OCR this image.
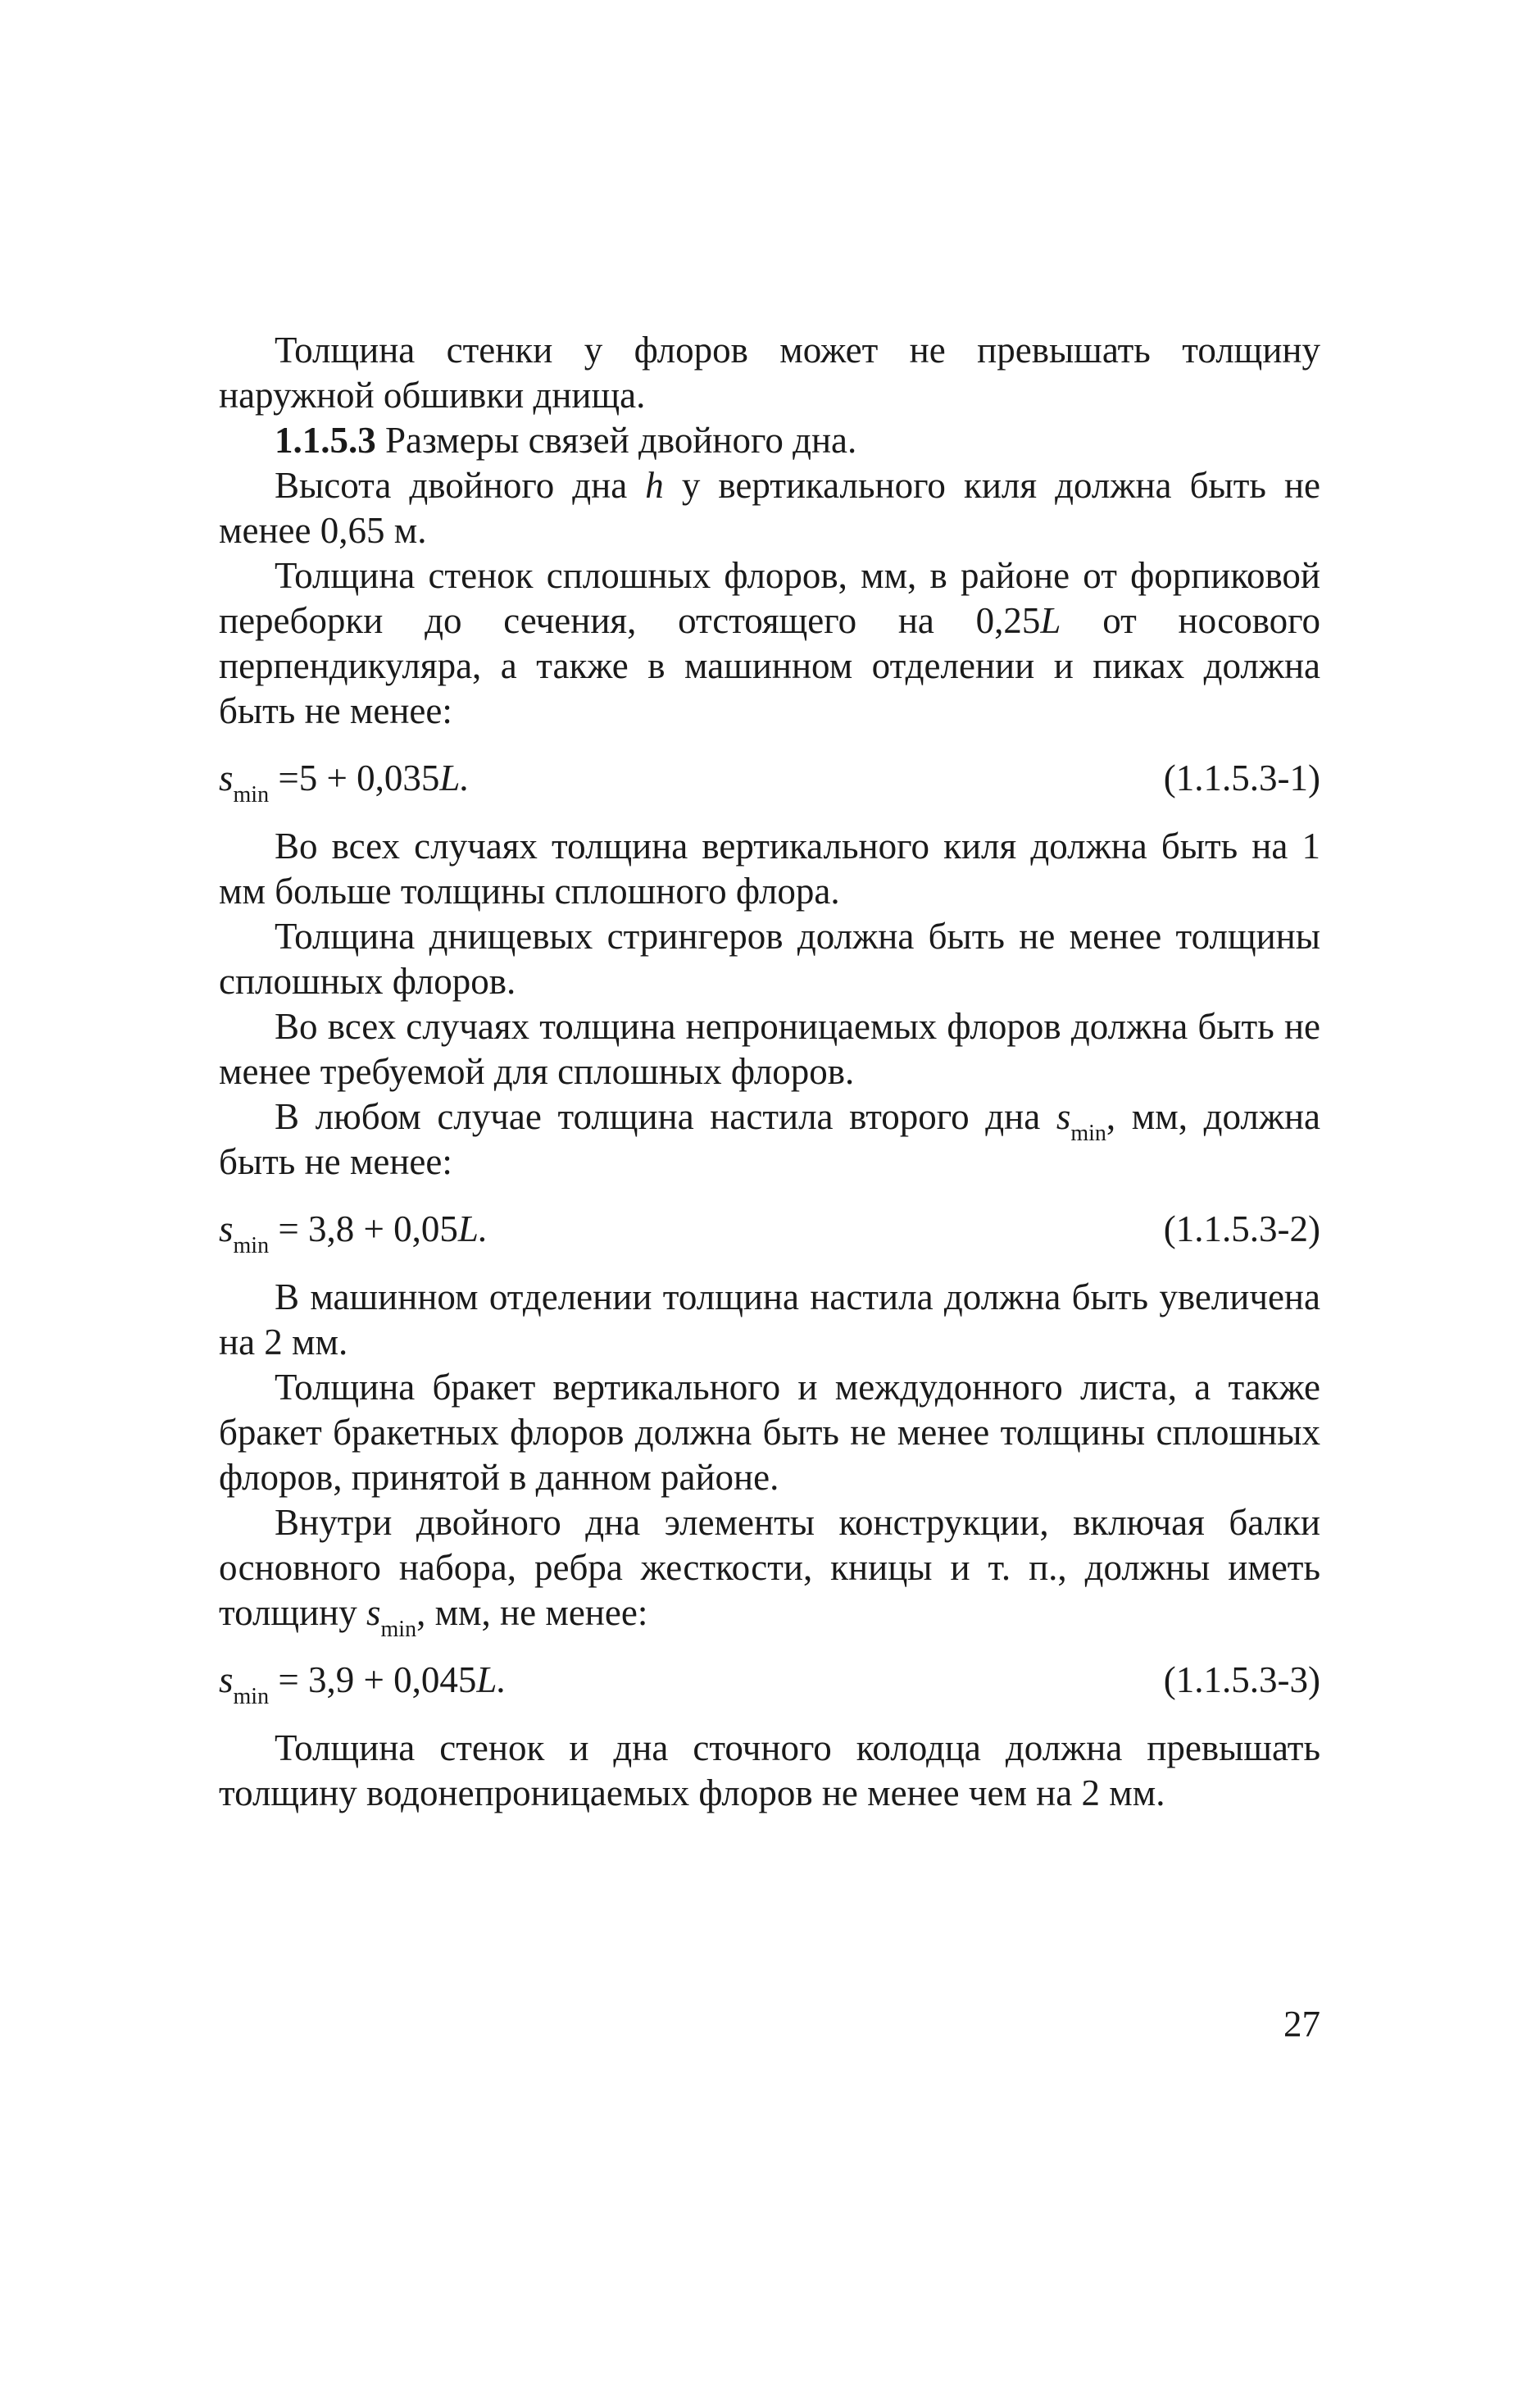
Толщина стенки у флоров может не превышать толщину наружной обшивки днища.

1.1.5.3 Размеры связей двойного дна.

Высота двойного дна h у вертикального киля должна быть не менее 0,65 м.

Толщина стенок сплошных флоров, мм, в районе от форпиковой переборки до сечения, отстоящего на 0,25L от носового перпендикуляра, а также в машинном отделении и пиках должна быть не менее:

$s_{min} =5 + 0,035L$.	(1.1.5.3-1)

Во всех случаях толщина вертикального киля должна быть на 1 мм больше толщины сплошного флора.

Толщина днищевых стрингеров должна быть не менее толщины сплошных флоров.

Во всех случаях толщина непроницаемых флоров должна быть не менее требуемой для сплошных флоров.

В любом случае толщина настила второго дна $s_{min}$, мм, должна быть не менее:

$s_{min} = 3,8 + 0,05L$.	(1.1.5.3-2)

В машинном отделении толщина настила должна быть увеличена на 2 мм.

Толщина бракет вертикального и междудонного листа, а также бракет бракетных флоров должна быть не менее толщины сплошных флоров, принятой в данном районе.

Внутри двойного дна элементы конструкции, включая балки основного набора, ребра жесткости, кницы и т. п., должны иметь толщину $s_{min}$, мм, не менее:

$s_{min} = 3,9 + 0,045L$.	(1.1.5.3-3)

Толщина стенок и дна сточного колодца должна превышать толщину водонепроницаемых флоров не менее чем на 2 мм.

27
